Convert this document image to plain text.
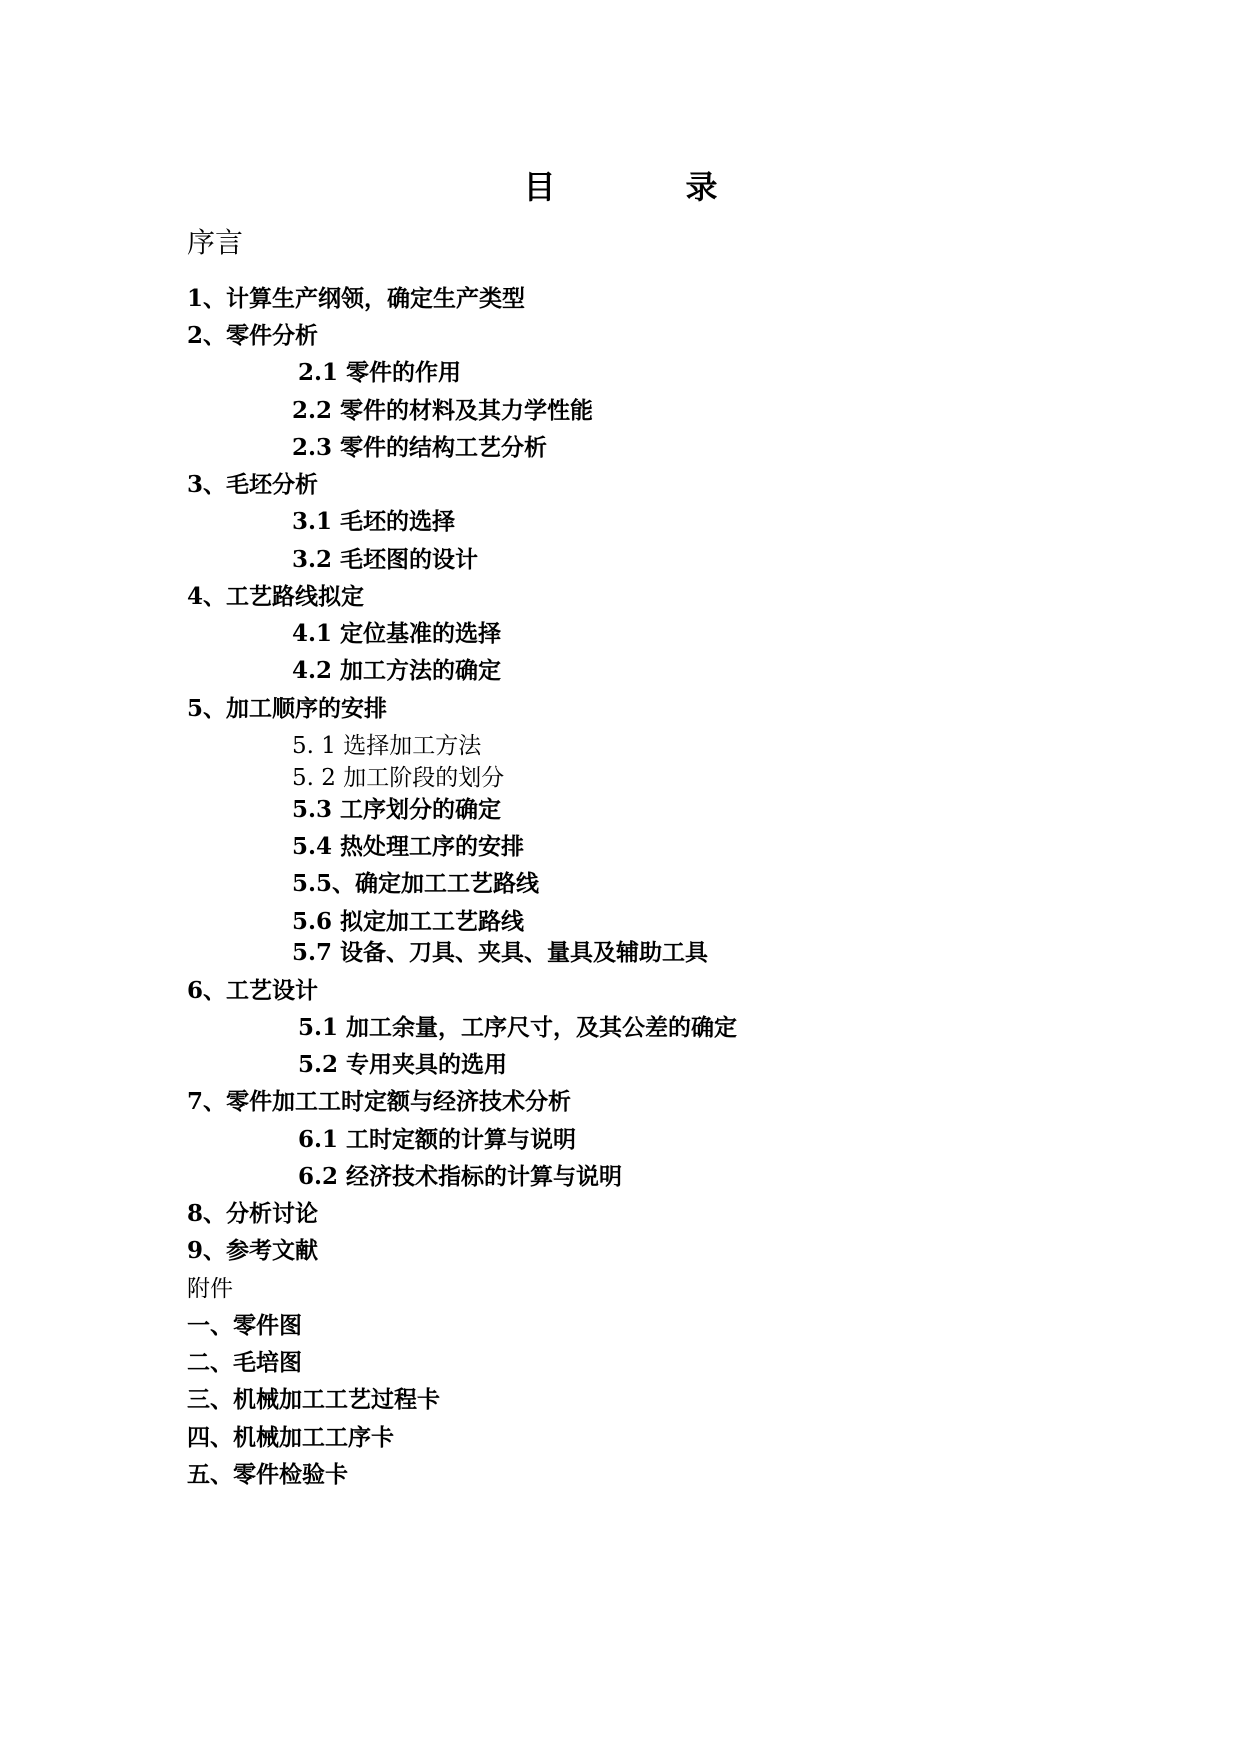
目	录
序言
1、计算生产纲领，确定生产类型
2、零件分析
2.1 零件的作用
2.2 零件的材料及其力学性能
2.3 零件的结构工艺分析
3、毛坯分析
3.1 毛坯的选择
3.2 毛坯图的设计
4、工艺路线拟定
4.1 定位基准的选择
4.2 加工方法的确定
5、加工顺序的安排
5. 1 选择加工方法
5. 2 加工阶段的划分
5.3 工序划分的确定
5.4 热处理工序的安排
5.5、确定加工工艺路线
5.6 拟定加工工艺路线
5.7 设备、刀具、夹具、量具及辅助工具
6、工艺设计
5.1 加工余量，工序尺寸，及其公差的确定
5.2 专用夹具的选用
7、零件加工工时定额与经济技术分析
6.1 工时定额的计算与说明
6.2 经济技术指标的计算与说明
8、分析讨论
9、参考文献
附件
一、零件图
二、毛培图
三、机械加工工艺过程卡
四、机械加工工序卡
五、零件检验卡
